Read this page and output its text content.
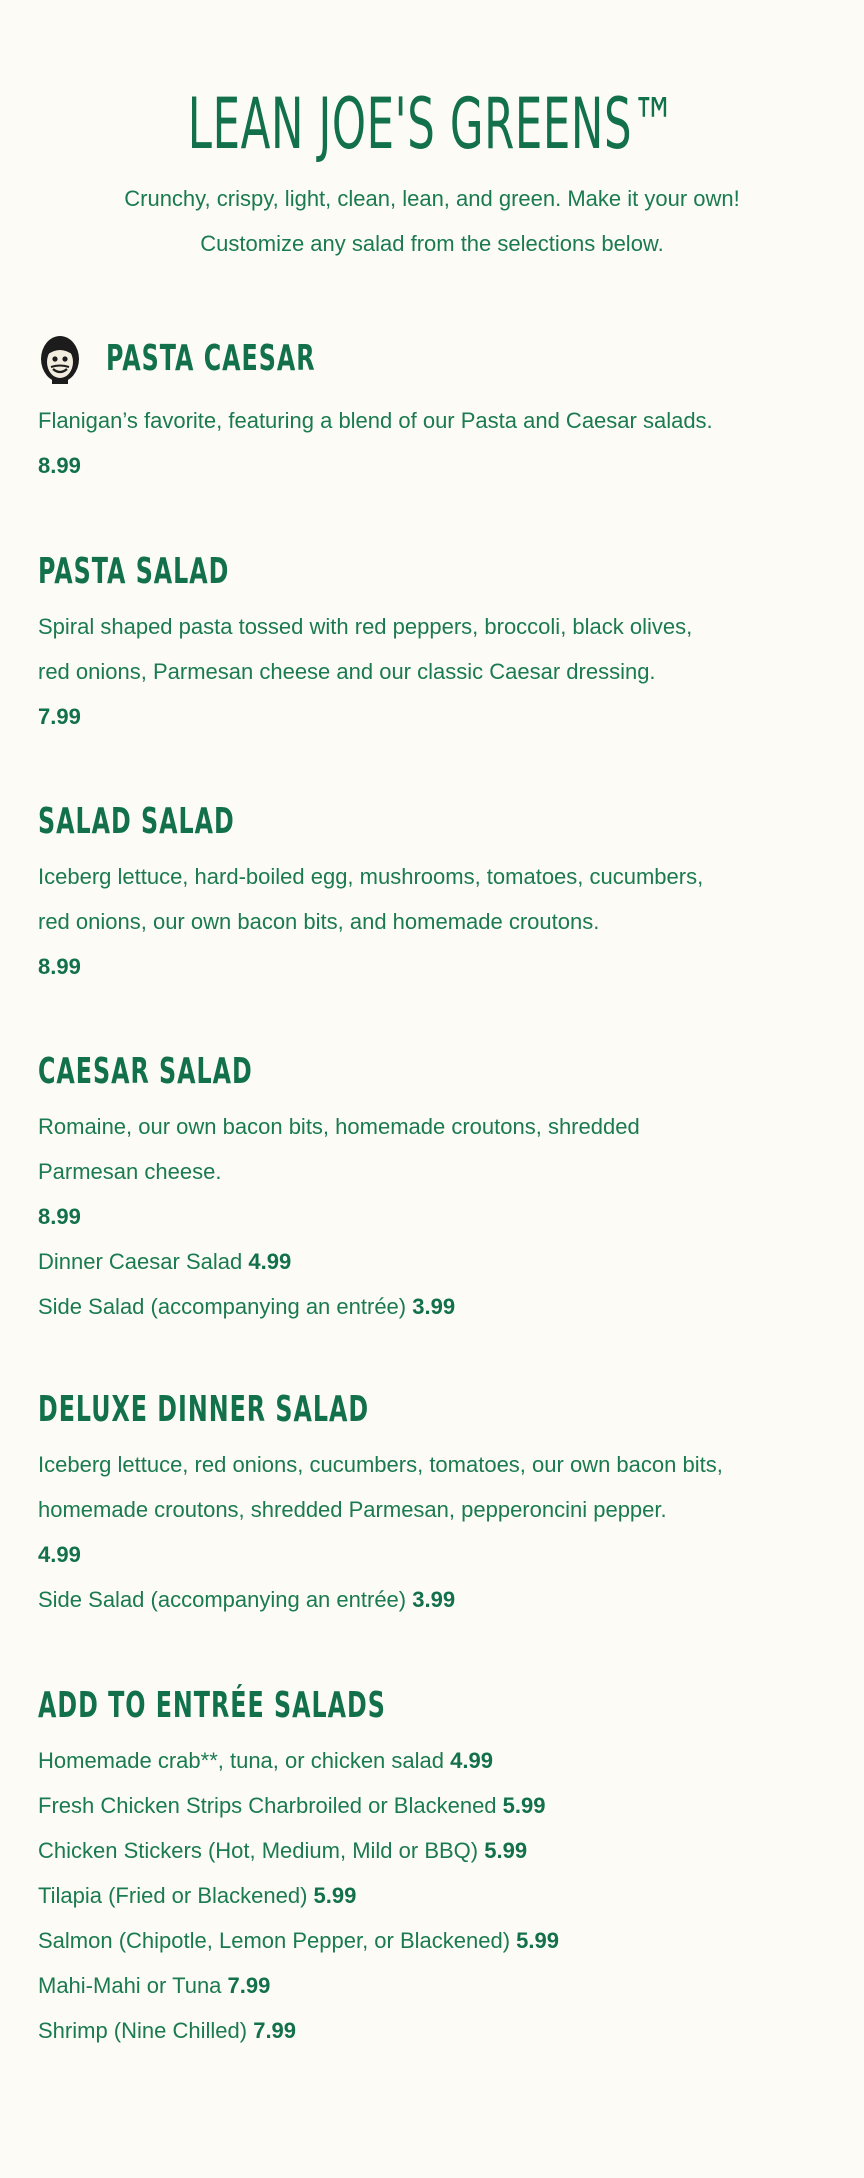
LEAN JOE'S GREENS™

Crunchy, crispy, light, clean, lean, and green. Make it your own!
Customize any salad from the selections below.

PASTA CAESAR

Flanigan’s favorite, featuring a blend of our Pasta and Caesar salads.

8.99
PASTA SALAD

Spiral shaped pasta tossed with red peppers, broccoli, black olives,
red onions, Parmesan cheese and our classic Caesar dressing.

7.99
SALAD SALAD

Iceberg lettuce, hard-boiled egg, mushrooms, tomatoes, cucumbers,
red onions, our own bacon bits, and homemade croutons.

8.99
CAESAR SALAD

Romaine, our own bacon bits, homemade croutons, shredded
Parmesan cheese.

8.99
Dinner Caesar Salad 4.99
Side Salad (accompanying an entrée) 3.99
DELUXE DINNER SALAD

Iceberg lettuce, red onions, cucumbers, tomatoes, our own bacon bits,
homemade croutons, shredded Parmesan, pepperoncini pepper.

4.99
Side Salad (accompanying an entrée) 3.99
ADD TO ENTRÉE SALADS
Homemade crab**, tuna, or chicken salad 4.99
Fresh Chicken Strips Charbroiled or Blackened 5.99
Chicken Stickers (Hot, Medium, Mild or BBQ) 5.99
Tilapia (Fried or Blackened) 5.99
Salmon (Chipotle, Lemon Pepper, or Blackened) 5.99
Mahi-Mahi or Tuna 7.99
Shrimp (Nine Chilled) 7.99
